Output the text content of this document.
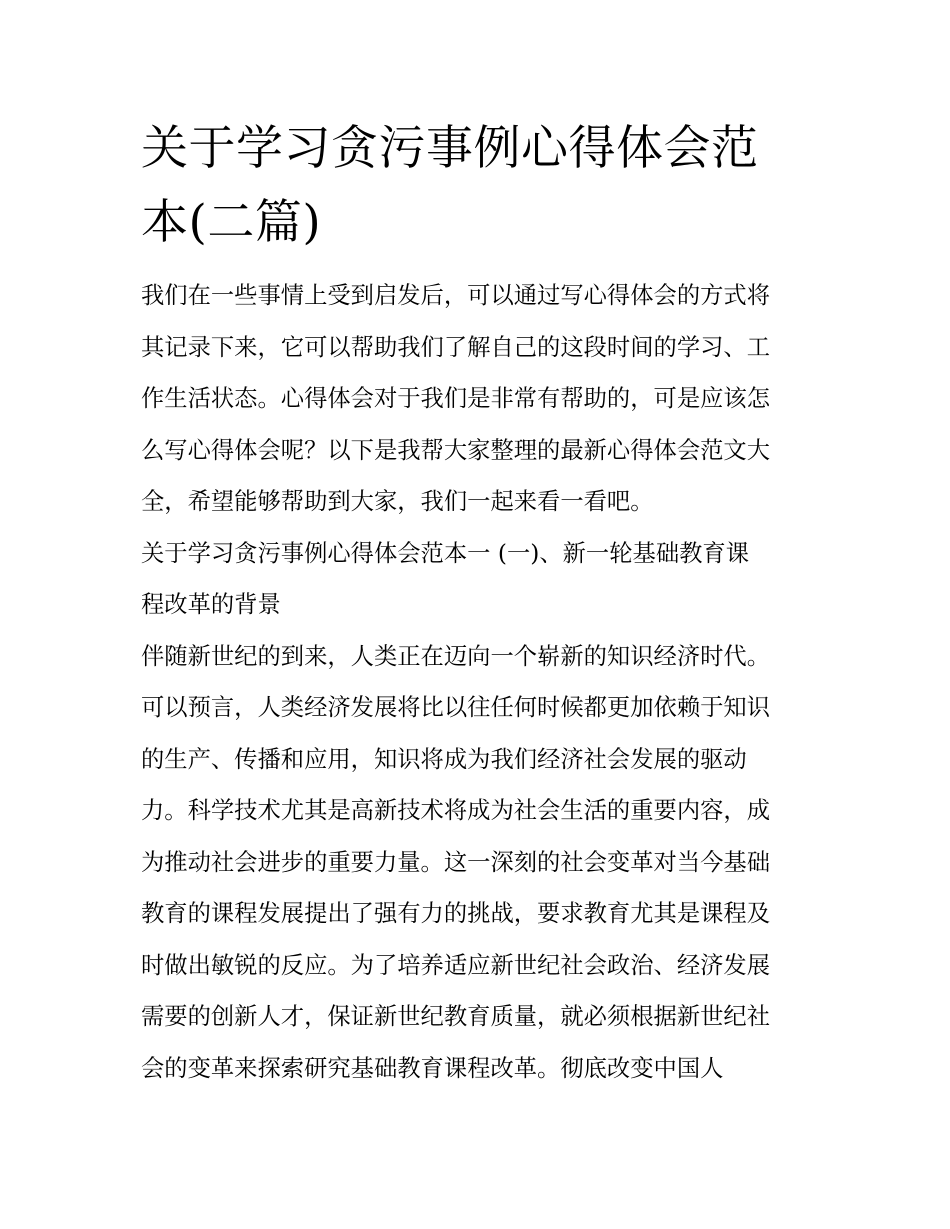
关于学习贪污事例心得体会范
本(二篇)
我们在一些事情上受到启发后，可以通过写心得体会的方式将
其记录下来，它可以帮助我们了解自己的这段时间的学习、工
作生活状态。心得体会对于我们是非常有帮助的，可是应该怎
么写心得体会呢？以下是我帮大家整理的最新心得体会范文大
全，希望能够帮助到大家，我们一起来看一看吧。
关于学习贪污事例心得体会范本一 (一)、新一轮基础教育课
程改革的背景
伴随新世纪的到来，人类正在迈向一个崭新的知识经济时代。
可以预言，人类经济发展将比以往任何时候都更加依赖于知识
的生产、传播和应用，知识将成为我们经济社会发展的驱动
力。科学技术尤其是高新技术将成为社会生活的重要内容，成
为推动社会进步的重要力量。这一深刻的社会变革对当今基础
教育的课程发展提出了强有力的挑战，要求教育尤其是课程及
时做出敏锐的反应。为了培养适应新世纪社会政治、经济发展
需要的创新人才，保证新世纪教育质量，就必须根据新世纪社
会的变革来探索研究基础教育课程改革。彻底改变中国人
